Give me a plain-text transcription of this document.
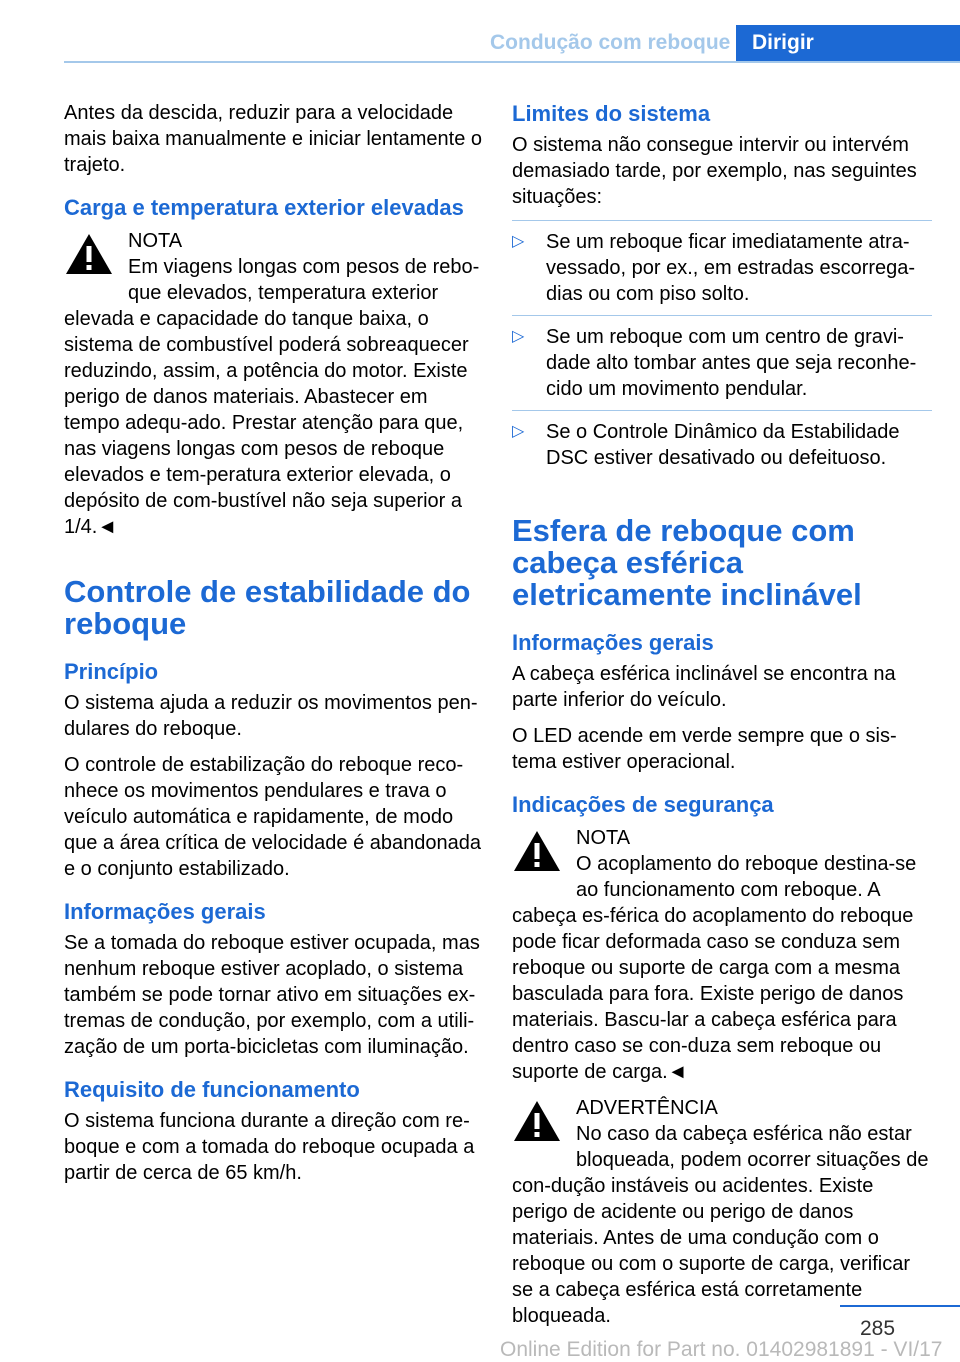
Condução com reboque	Dirigir

Antes da descida, reduzir para a velocidade mais baixa manualmente e iniciar lentamente o trajeto.

Carga e temperatura exterior elevadas
NOTA
Em viagens longas com pesos de rebo-que elevados, temperatura exterior elevada e capacidade do tanque baixa, o sistema de combustível poderá sobreaquecer reduzindo, assim, a potência do motor. Existe perigo de danos materiais. Abastecer em tempo adequ-ado. Prestar atenção para que, nas viagens longas com pesos de reboque elevados e tem-peratura exterior elevada, o depósito de com-bustível não seja superior a 1/4.◄
Controle de estabilidade do reboque
Princípio

O sistema ajuda a reduzir os movimentos pen-dulares do reboque.

O controle de estabilização do reboque reco-nhece os movimentos pendulares e trava o veículo automática e rapidamente, de modo que a área crítica de velocidade é abandonada e o conjunto estabilizado.

Informações gerais

Se a tomada do reboque estiver ocupada, mas nenhum reboque estiver acoplado, o sistema também se pode tornar ativo em situações ex-tremas de condução, por exemplo, com a utili-zação de um porta-bicicletas com iluminação.

Requisito de funcionamento

O sistema funciona durante a direção com re-boque e com a tomada do reboque ocupada a partir de cerca de 65 km/h.

Limites do sistema

O sistema não consegue intervir ou intervém demasiado tarde, por exemplo, nas seguintes situações:

▷ Se um reboque ficar imediatamente atra-vessado, por ex., em estradas escorrega-dias ou com piso solto.
▷ Se um reboque com um centro de gravi-dade alto tombar antes que seja reconhe-cido um movimento pendular.
▷ Se o Controle Dinâmico da Estabilidade DSC estiver desativado ou defeituoso.
Esfera de reboque com cabeça esférica eletricamente inclinável
Informações gerais

A cabeça esférica inclinável se encontra na parte inferior do veículo.

O LED acende em verde sempre que o sis-tema estiver operacional.

Indicações de segurança
NOTA
O acoplamento do reboque destina-se ao funcionamento com reboque. A cabeça es-férica do acoplamento do reboque pode ficar deformada caso se conduza sem reboque ou suporte de carga com a mesma basculada para fora. Existe perigo de danos materiais. Bascu-lar a cabeça esférica para dentro caso se con-duza sem reboque ou suporte de carga.◄
ADVERTÊNCIA
No caso da cabeça esférica não estar bloqueada, podem ocorrer situações de con-dução instáveis ou acidentes. Existe perigo de acidente ou perigo de danos materiais. Antes de uma condução com o reboque ou com o suporte de carga, verificar se a cabeça esférica está corretamente bloqueada.
285
Online Edition for Part no. 01402981891 - VI/17
